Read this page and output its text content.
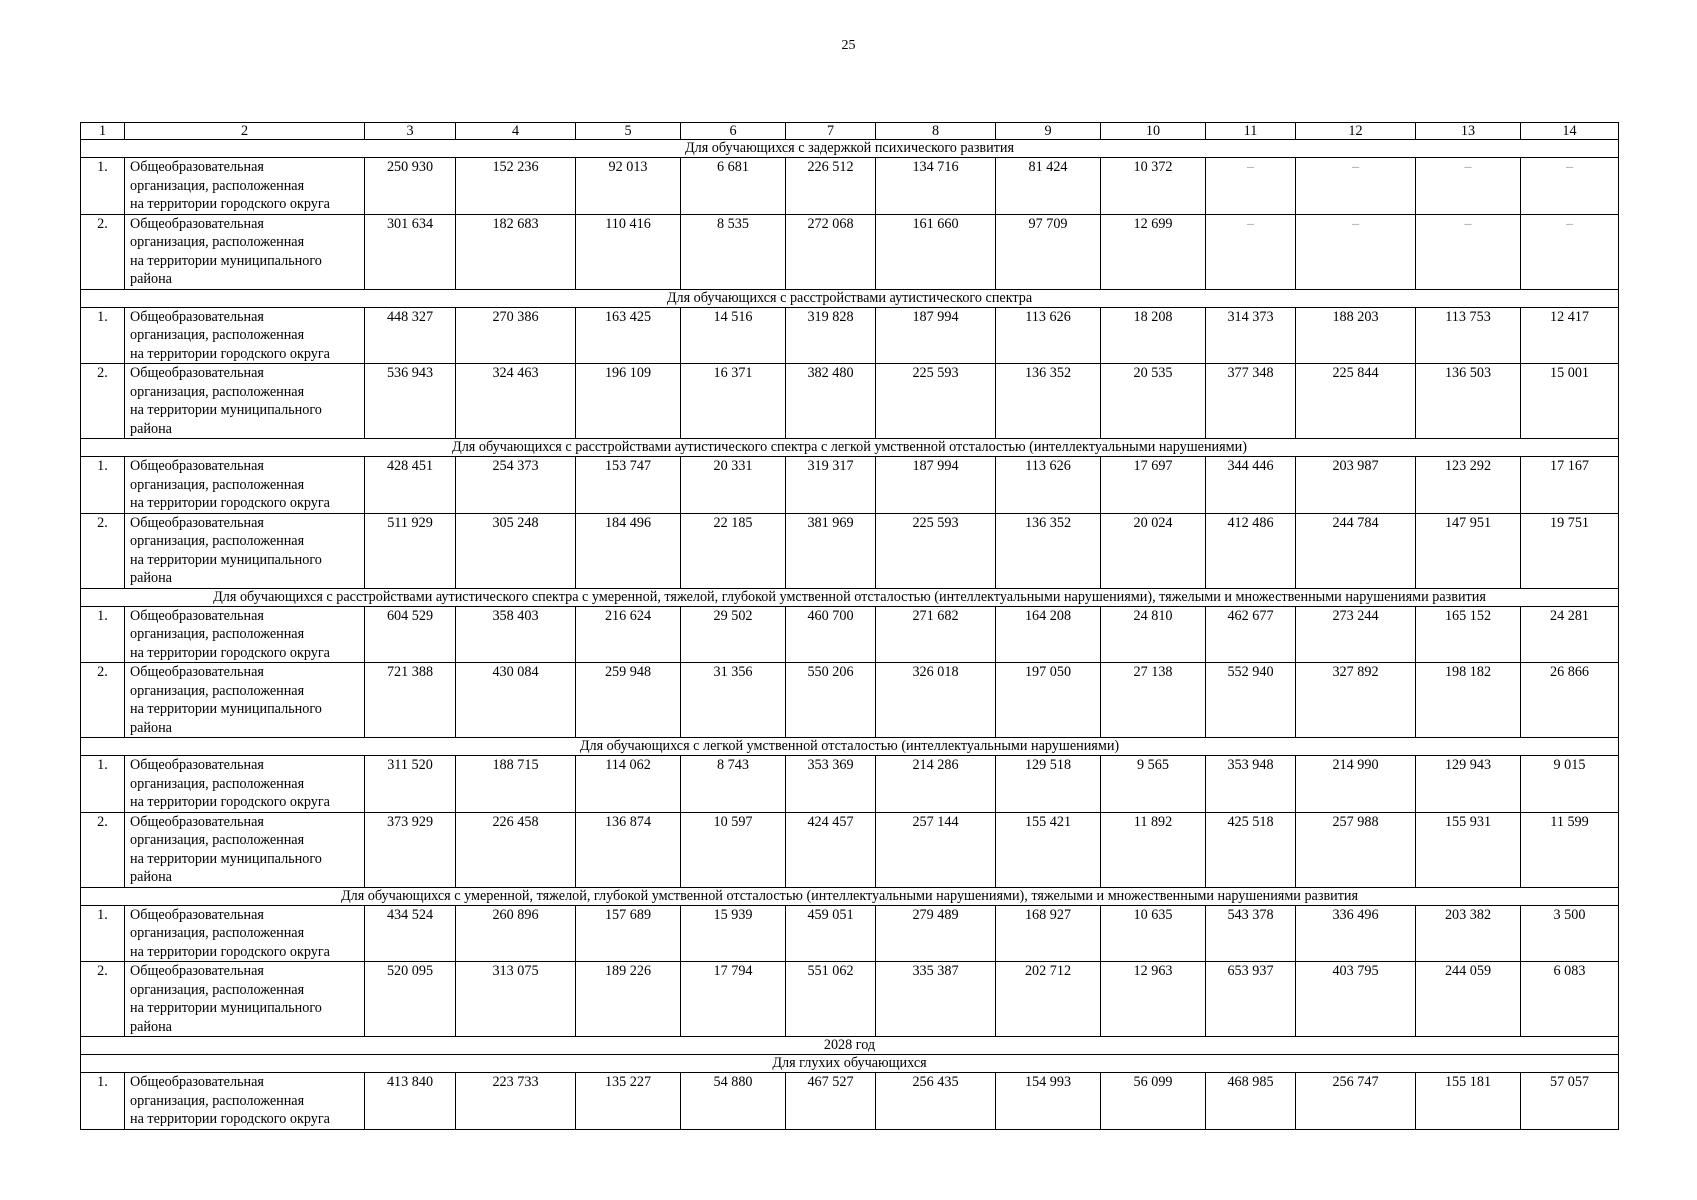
25
1	2	3	4	5	6	7	8	9	10	11	12	13	14
Для обучающихся с задержкой психического развития													
1.	Общеобразовательная
организация, расположенная
на территории городского округа	250 930	152 236	92 013	6 681	226 512	134 716	81 424	10 372	–	–	–	–
2.	Общеобразовательная
организация, расположенная
на территории муниципального
района	301 634	182 683	110 416	8 535	272 068	161 660	97 709	12 699	–	–	–	–
Для обучающихся с расстройствами аутистического спектра													
1.	Общеобразовательная
организация, расположенная
на территории городского округа	448 327	270 386	163 425	14 516	319 828	187 994	113 626	18 208	314 373	188 203	113 753	12 417
2.	Общеобразовательная
организация, расположенная
на территории муниципального
района	536 943	324 463	196 109	16 371	382 480	225 593	136 352	20 535	377 348	225 844	136 503	15 001
Для обучающихся с расстройствами аутистического спектра с легкой умственной отсталостью (интеллектуальными нарушениями)													
1.	Общеобразовательная
организация, расположенная
на территории городского округа	428 451	254 373	153 747	20 331	319 317	187 994	113 626	17 697	344 446	203 987	123 292	17 167
2.	Общеобразовательная
организация, расположенная
на территории муниципального
района	511 929	305 248	184 496	22 185	381 969	225 593	136 352	20 024	412 486	244 784	147 951	19 751
Для обучающихся с расстройствами аутистического спектра с умеренной, тяжелой, глубокой умственной отсталостью (интеллектуальными нарушениями), тяжелыми и множественными нарушениями развития													
1.	Общеобразовательная
организация, расположенная
на территории городского округа	604 529	358 403	216 624	29 502	460 700	271 682	164 208	24 810	462 677	273 244	165 152	24 281
2.	Общеобразовательная
организация, расположенная
на территории муниципального
района	721 388	430 084	259 948	31 356	550 206	326 018	197 050	27 138	552 940	327 892	198 182	26 866
Для обучающихся с легкой умственной отсталостью (интеллектуальными нарушениями)													
1.	Общеобразовательная
организация, расположенная
на территории городского округа	311 520	188 715	114 062	8 743	353 369	214 286	129 518	9 565	353 948	214 990	129 943	9 015
2.	Общеобразовательная
организация, расположенная
на территории муниципального
района	373 929	226 458	136 874	10 597	424 457	257 144	155 421	11 892	425 518	257 988	155 931	11 599
Для обучающихся с умеренной, тяжелой, глубокой умственной отсталостью (интеллектуальными нарушениями), тяжелыми и множественными нарушениями развития													
1.	Общеобразовательная
организация, расположенная
на территории городского округа	434 524	260 896	157 689	15 939	459 051	279 489	168 927	10 635	543 378	336 496	203 382	3 500
2.	Общеобразовательная
организация, расположенная
на территории муниципального
района	520 095	313 075	189 226	17 794	551 062	335 387	202 712	12 963	653 937	403 795	244 059	6 083
2028 год													
Для глухих обучающихся													
1.	Общеобразовательная
организация, расположенная
на территории городского округа	413 840	223 733	135 227	54 880	467 527	256 435	154 993	56 099	468 985	256 747	155 181	57 057
